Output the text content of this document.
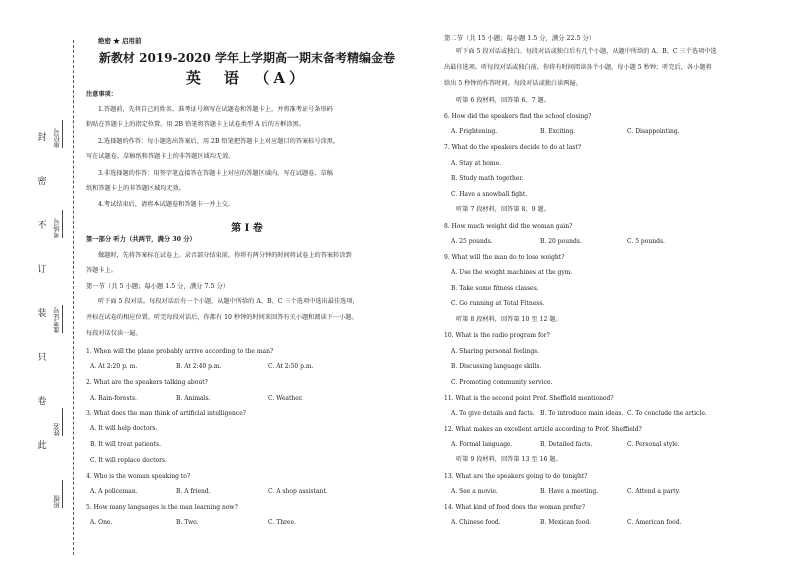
封
密
不
订
装
只
卷
此
座位号
考场号
准考证号
姓名
班级
绝密 ★ 启用前
新教材 2019-2020 学年上学期高一期末备考精编金卷
英　语　（A）
注意事项：
1.答题前，先将自己的姓名、准考证号填写在试题卷和答题卡上，并将准考证号条形码
粘贴在答题卡上的指定位置。用 2B 铅笔将答题卡上试卷类型 A 后的方框涂黑。
2.选择题的作答：每小题选出答案后，用 2B 铅笔把答题卡上对应题目的答案标号涂黑，
写在试题卷、草稿纸和答题卡上的非答题区域均无效。
3.非选择题的作答：用签字笔直接答在答题卡上对应的答题区域内。写在试题卷、草稿
纸和答题卡上的非答题区域均无效。
4.考试结束后，请将本试题卷和答题卡一并上交。
第 I 卷
第一部分 听力（共两节，满分 30 分）
做题时，先将答案标在试卷上。录音部分结束前，你将有两分钟的时间将试卷上的答案转涂到
答题卡上。
第一节（共 5 小题；每小题 1.5 分，满分 7.5 分）
听下面 5 段对话。每段对话后有一个小题，从题中所给的 A、B、C 三个选项中选出最佳选项，
并标在试卷的相应位置。听完每段对话后，你都有 10 秒钟的时间来回答有关小题和阅读下一小题。
每段对话仅读一遍。
1. When will the plane probably arrive according to the man?
A. At 2:20 p. m.	B. At 2:40 p.m.	C. At 2:50 p.m.
2. What are the speakers talking about?
A. Rain-forests.	B. Animals.	C. Weather.
3. What does the man think of artificial intelligence?
A. It will help doctors.
B. It will treat patients.
C. It will replace doctors.
4. Who is the woman speaking to?
A. A policeman.	B. A friend.	C. A shop assistant.
5. How many languages is the man learning now?
A. One.	B. Two.	C. Three.
第二节（共 15 小题；每小题 1.5 分，满分 22.5 分）
听下面 5 段对话或独白。每段对话或独白后有几个小题，从题中所给的 A、B、C 三个选项中选
出最佳选项。听每段对话或独白前，你将有时间阅读各个小题，每小题 5 秒钟；听完后，各小题将
给出 5 秒钟的作答时间。每段对话或独白读两遍。
听第 6 段材料，回答第 6、7 题。
6. How did the speakers find the school closing?
A. Frightening.	B. Exciting.	C. Disappointing.
7. What do the speakers decide to do at last?
A. Stay at home.
B. Study math together.
C. Have a snowball fight.
听第 7 段材料，回答第 8、9 题。
8. How much weight did the woman gain?
A. 25 pounds.	B. 20 pounds.	C. 5 pounds.
9. What will the man do to lose weight?
A. Use the weight machines at the gym.
B. Take some fitness classes.
C. Go running at Total Fitness.
听第 8 段材料，回答第 10 至 12 题。
10. What is the radio program for?
A. Sharing personal feelings.
B. Discussing language skills.
C. Promoting community service.
11. What is the second point Prof. Sheffield mentioned?
A. To give details and facts. B. To introduce main ideas. C. To conclude the article.
12. What makes an excellent article according to Prof. Sheffield?
A. Formal language.	B. Detailed facts.	C. Personal style.
听第 9 段材料，回答第 13 至 16 题。
13. What are the speakers going to do tonight?
A. See a movie.	B. Have a meeting.	C. Attend a party.
14. What kind of food does the woman prefer?
A. Chinese food.	B. Mexican food.	C. American food.
